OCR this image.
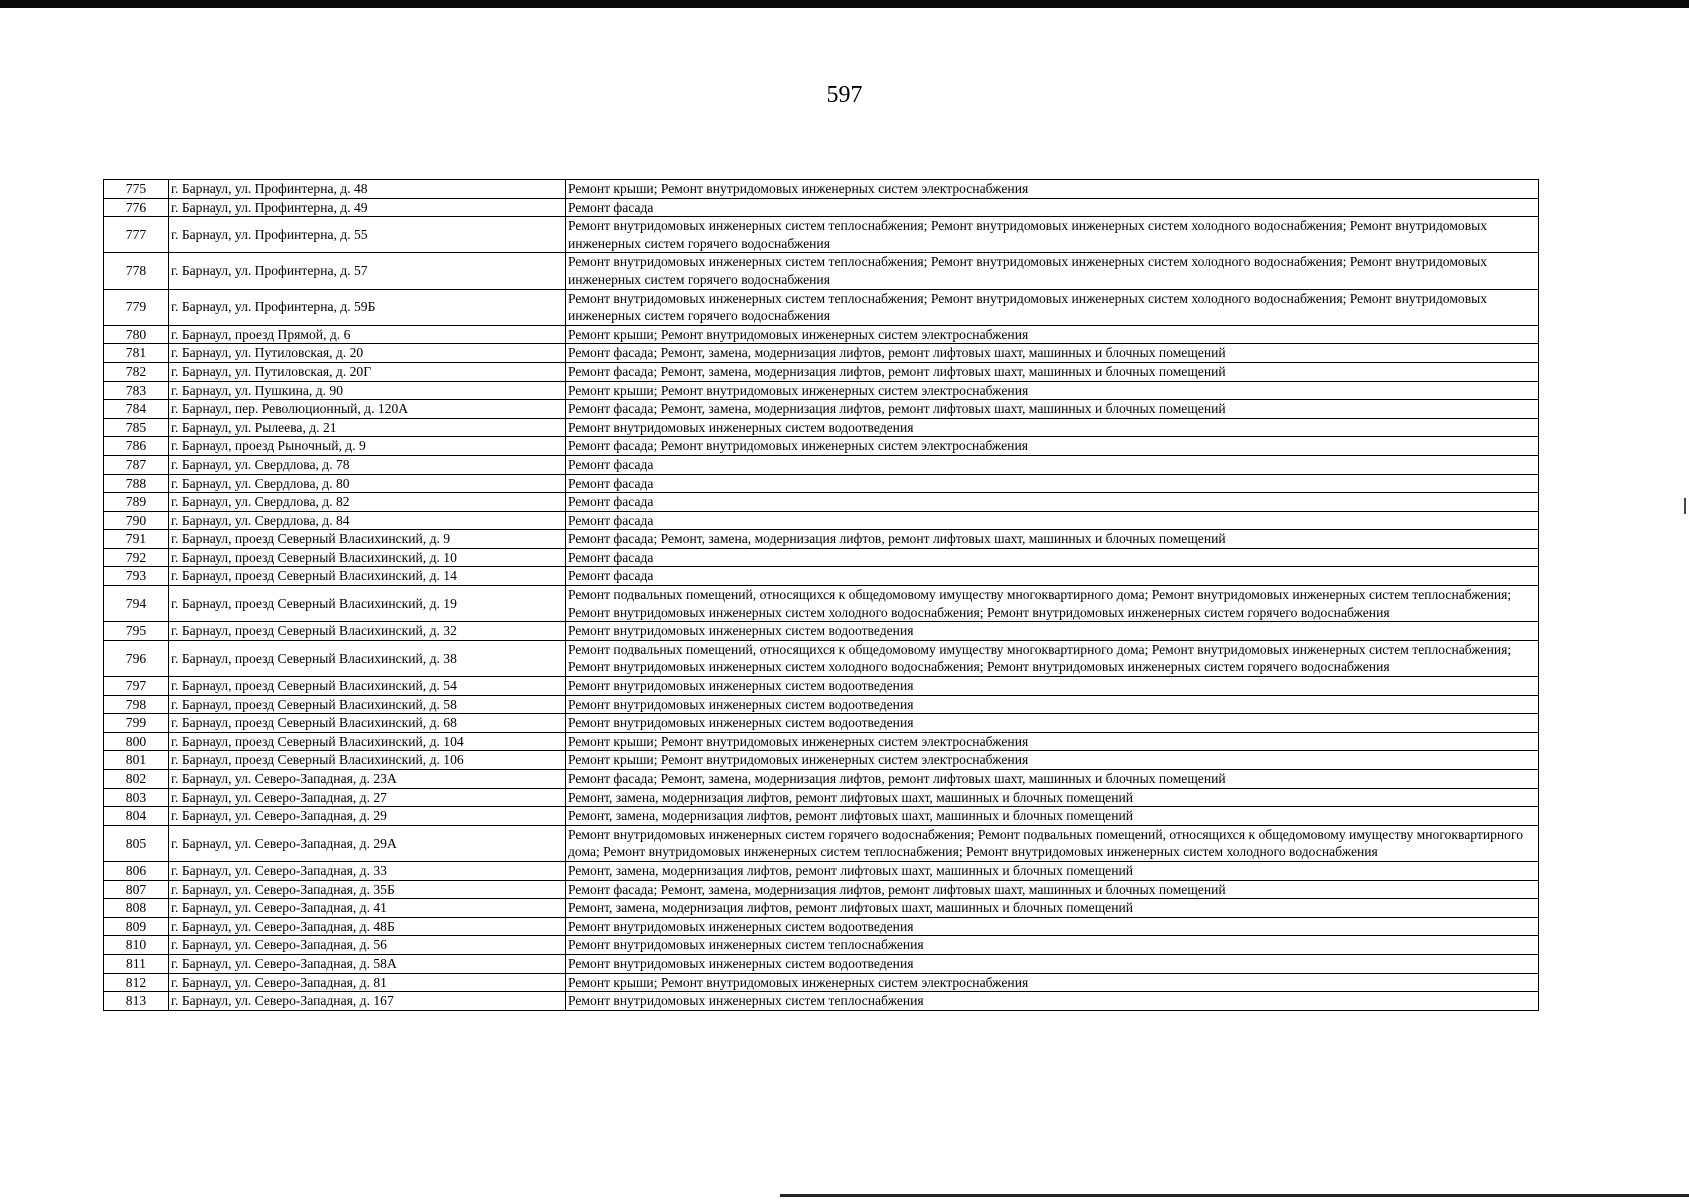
597
775	г. Барнаул, ул. Профинтерна, д. 48	Ремонт крыши; Ремонт внутридомовых инженерных систем электроснабжения
776	г. Барнаул, ул. Профинтерна, д. 49	Ремонт фасада
777	г. Барнаул, ул. Профинтерна, д. 55	Ремонт внутридомовых инженерных систем теплоснабжения; Ремонт внутридомовых инженерных систем холодного водоснабжения; Ремонт внутридомовых инженерных систем горячего водоснабжения
778	г. Барнаул, ул. Профинтерна, д. 57	Ремонт внутридомовых инженерных систем теплоснабжения; Ремонт внутридомовых инженерных систем холодного водоснабжения; Ремонт внутридомовых инженерных систем горячего водоснабжения
779	г. Барнаул, ул. Профинтерна, д. 59Б	Ремонт внутридомовых инженерных систем теплоснабжения; Ремонт внутридомовых инженерных систем холодного водоснабжения; Ремонт внутридомовых инженерных систем горячего водоснабжения
780	г. Барнаул, проезд Прямой, д. 6	Ремонт крыши; Ремонт внутридомовых инженерных систем электроснабжения
781	г. Барнаул, ул. Путиловская, д. 20	Ремонт фасада; Ремонт, замена, модернизация лифтов, ремонт лифтовых шахт, машинных и блочных помещений
782	г. Барнаул, ул. Путиловская, д. 20Г	Ремонт фасада; Ремонт, замена, модернизация лифтов, ремонт лифтовых шахт, машинных и блочных помещений
783	г. Барнаул, ул. Пушкина, д. 90	Ремонт крыши; Ремонт внутридомовых инженерных систем электроснабжения
784	г. Барнаул, пер. Революционный, д. 120А	Ремонт фасада; Ремонт, замена, модернизация лифтов, ремонт лифтовых шахт, машинных и блочных помещений
785	г. Барнаул, ул. Рылеева, д. 21	Ремонт внутридомовых инженерных систем водоотведения
786	г. Барнаул, проезд Рыночный, д. 9	Ремонт фасада; Ремонт внутридомовых инженерных систем электроснабжения
787	г. Барнаул, ул. Свердлова, д. 78	Ремонт фасада
788	г. Барнаул, ул. Свердлова, д. 80	Ремонт фасада
789	г. Барнаул, ул. Свердлова, д. 82	Ремонт фасада
790	г. Барнаул, ул. Свердлова, д. 84	Ремонт фасада
791	г. Барнаул, проезд Северный Власихинский, д. 9	Ремонт фасада; Ремонт, замена, модернизация лифтов, ремонт лифтовых шахт, машинных и блочных помещений
792	г. Барнаул, проезд Северный Власихинский, д. 10	Ремонт фасада
793	г. Барнаул, проезд Северный Власихинский, д. 14	Ремонт фасада
794	г. Барнаул, проезд Северный Власихинский, д. 19	Ремонт подвальных помещений, относящихся к общедомовому имуществу многоквартирного дома; Ремонт внутридомовых инженерных систем теплоснабжения; Ремонт внутридомовых инженерных систем холодного водоснабжения; Ремонт внутридомовых инженерных систем горячего водоснабжения
795	г. Барнаул, проезд Северный Власихинский, д. 32	Ремонт внутридомовых инженерных систем водоотведения
796	г. Барнаул, проезд Северный Власихинский, д. 38	Ремонт подвальных помещений, относящихся к общедомовому имуществу многоквартирного дома; Ремонт внутридомовых инженерных систем теплоснабжения; Ремонт внутридомовых инженерных систем холодного водоснабжения; Ремонт внутридомовых инженерных систем горячего водоснабжения
797	г. Барнаул, проезд Северный Власихинский, д. 54	Ремонт внутридомовых инженерных систем водоотведения
798	г. Барнаул, проезд Северный Власихинский, д. 58	Ремонт внутридомовых инженерных систем водоотведения
799	г. Барнаул, проезд Северный Власихинский, д. 68	Ремонт внутридомовых инженерных систем водоотведения
800	г. Барнаул, проезд Северный Власихинский, д. 104	Ремонт крыши; Ремонт внутридомовых инженерных систем электроснабжения
801	г. Барнаул, проезд Северный Власихинский, д. 106	Ремонт крыши; Ремонт внутридомовых инженерных систем электроснабжения
802	г. Барнаул, ул. Северо-Западная, д. 23А	Ремонт фасада; Ремонт, замена, модернизация лифтов, ремонт лифтовых шахт, машинных и блочных помещений
803	г. Барнаул, ул. Северо-Западная, д. 27	Ремонт, замена, модернизация лифтов, ремонт лифтовых шахт, машинных и блочных помещений
804	г. Барнаул, ул. Северо-Западная, д. 29	Ремонт, замена, модернизация лифтов, ремонт лифтовых шахт, машинных и блочных помещений
805	г. Барнаул, ул. Северо-Западная, д. 29А	Ремонт внутридомовых инженерных систем горячего водоснабжения; Ремонт подвальных помещений, относящихся к общедомовому имуществу многоквартирного дома; Ремонт внутридомовых инженерных систем теплоснабжения; Ремонт внутридомовых инженерных систем холодного водоснабжения
806	г. Барнаул, ул. Северо-Западная, д. 33	Ремонт, замена, модернизация лифтов, ремонт лифтовых шахт, машинных и блочных помещений
807	г. Барнаул, ул. Северо-Западная, д. 35Б	Ремонт фасада; Ремонт, замена, модернизация лифтов, ремонт лифтовых шахт, машинных и блочных помещений
808	г. Барнаул, ул. Северо-Западная, д. 41	Ремонт, замена, модернизация лифтов, ремонт лифтовых шахт, машинных и блочных помещений
809	г. Барнаул, ул. Северо-Западная, д. 48Б	Ремонт внутридомовых инженерных систем водоотведения
810	г. Барнаул, ул. Северо-Западная, д. 56	Ремонт внутридомовых инженерных систем теплоснабжения
811	г. Барнаул, ул. Северо-Западная, д. 58А	Ремонт внутридомовых инженерных систем водоотведения
812	г. Барнаул, ул. Северо-Западная, д. 81	Ремонт крыши; Ремонт внутридомовых инженерных систем электроснабжения
813	г. Барнаул, ул. Северо-Западная, д. 167	Ремонт внутридомовых инженерных систем теплоснабжения
